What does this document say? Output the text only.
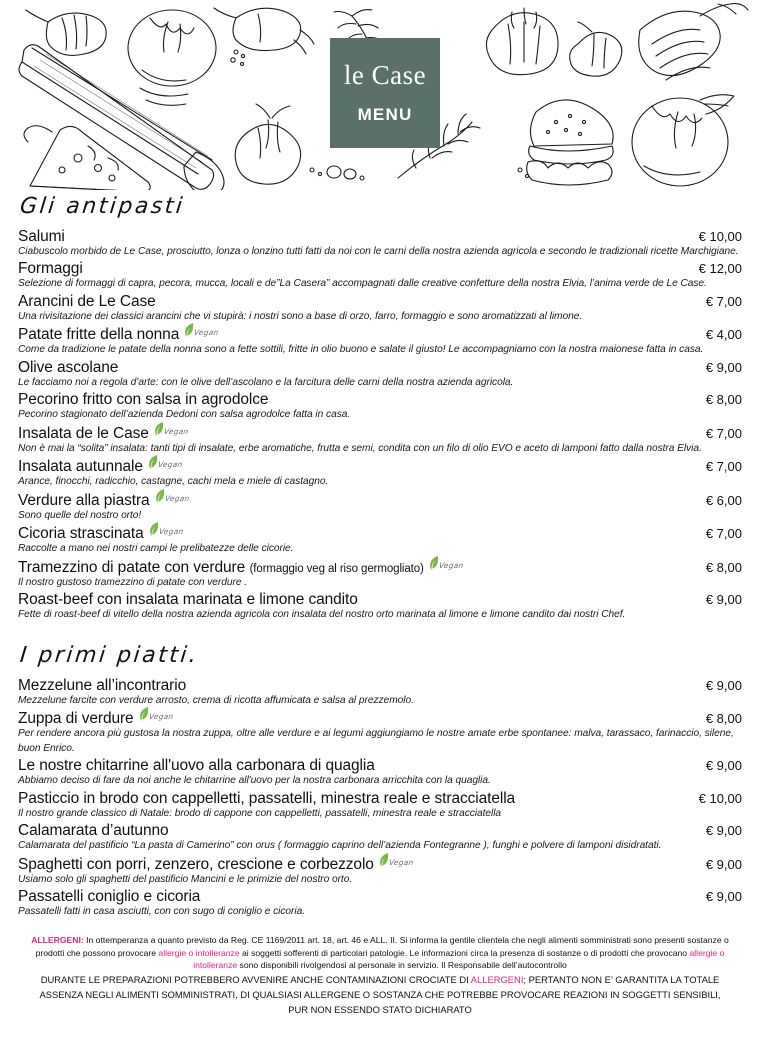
le Case
MENU
Gli antipasti
Salumi	€ 10,00
Ciabuscolo morbido de Le Case, prosciutto, lonza o lonzino tutti fatti da noi con le carni della nostra azienda agricola e secondo le tradizionali ricette Marchigiane.
Formaggi	€ 12,00
Selezione di formaggi di capra, pecora, mucca, locali e de”La Casera” accompagnati dalle creative confetture della nostra Elvia, l’anima verde de Le Case.
Arancini de Le Case	€ 7,00
Una rivisitazione dei classici arancini che vi stupirà: i nostri sono a base di orzo, farro, formaggio e sono aromatizzati al limone.
Patate fritte della nonna Vegan	€ 4,00
Come da tradizione le patate della nonna sono a fette sottili, fritte in olio buono e salate il giusto! Le accompagniamo con la nostra maionese fatta in casa.
Olive ascolane	€ 9,00
Le facciamo noi a regola d’arte: con le olive dell’ascolano e la farcitura delle carni della nostra azienda agricola.
Pecorino fritto con salsa in agrodolce	€ 8,00
Pecorino stagionato dell’azienda Dedoni con salsa agrodolce fatta in casa.
Insalata de le Case Vegan	€ 7,00
Non è mai la “solita” insalata: tanti tipi di insalate, erbe aromatiche, frutta e semi, condita con un filo di olio EVO e aceto di lamponi fatto dalla nostra Elvia.
Insalata autunnale Vegan	€ 7,00
Arance, finocchi, radicchio, castagne, cachi mela e miele di castagno.
Verdure alla piastra Vegan	€ 6,00
Sono quelle del nostro orto!
Cicoria strascinata Vegan	€ 7,00
Raccolte a mano nei nostri campi le prelibatezze delle cicorie.
Tramezzino di patate con verdure (formaggio veg al riso germogliato) Vegan	€ 8,00
Il nostro gustoso tramezzino di patate con verdure .
Roast-beef con insalata marinata e limone candito	€ 9,00
Fette di roast-beef di vitello della nostra azienda agricola con insalata del nostro orto marinata al limone e limone candito dai nostri Chef.
I primi piatti.
Mezzelune all’incontrario	€ 9,00
Mezzelune farcite con verdure arrosto, crema di ricotta affumicata e salsa al prezzemolo.
Zuppa di verdure Vegan	€ 8,00
Per rendere ancora più gustosa la nostra zuppa, oltre alle verdure e ai legumi aggiungiamo le nostre amate erbe spontanee: malva, tarassaco, farinaccio, silene, buon Enrico.
Le nostre chitarrine all'uovo alla carbonara di quaglia	€ 9,00
Abbiamo deciso di fare da noi anche le chitarrine all'uovo per la nostra carbonara arricchita con la quaglia.
Pasticcio in brodo con cappelletti, passatelli, minestra reale e stracciatella	€ 10,00
Il nostro grande classico di Natale: brodo di cappone con cappelletti, passatelli, minestra reale e stracciatella
Calamarata d’autunno	€ 9,00
Calamarata del pastificio “La pasta di Camerino” con orus ( formaggio caprino dell’azienda Fontegranne ), funghi e polvere di lamponi disidratati.
Spaghetti con porri, zenzero, crescione e corbezzolo Vegan	€ 9,00
Usiamo solo gli spaghetti del pastificio Mancini e le primizie del nostro orto.
Passatelli coniglio e cicoria	€ 9,00
Passatelli fatti in casa asciutti, con con sugo di coniglio e cicoria.
ALLERGENI: In ottemperanza a quanto previsto da Reg. CE 1169/2011 art. 18, art. 46 e ALL. II. Si informa la gentile clientela che negli alimenti somministrati sono presenti sostanze o prodotti che possono provocare allergie o intolleranze ai soggetti sofferenti di particolari patologie. Le informazioni circa la presenza di sostanze o di prodotti che provocano allergie o intolleranze sono disponibili rivolgendosi al personale in servizio. Il Responsabile dell’autocontrollo
DURANTE LE PREPARAZIONI POTREBBERO AVVENIRE ANCHE CONTAMINAZIONI CROCIATE DI ALLERGENI; PERTANTO NON E’ GARANTITA LA TOTALE ASSENZA NEGLI ALIMENTI SOMMINISTRATI, DI QUALSIASI ALLERGENE O SOSTANZA CHE POTREBBE PROVOCARE REAZIONI IN SOGGETTI SENSIBILI, PUR NON ESSENDO STATO DICHIARATO
